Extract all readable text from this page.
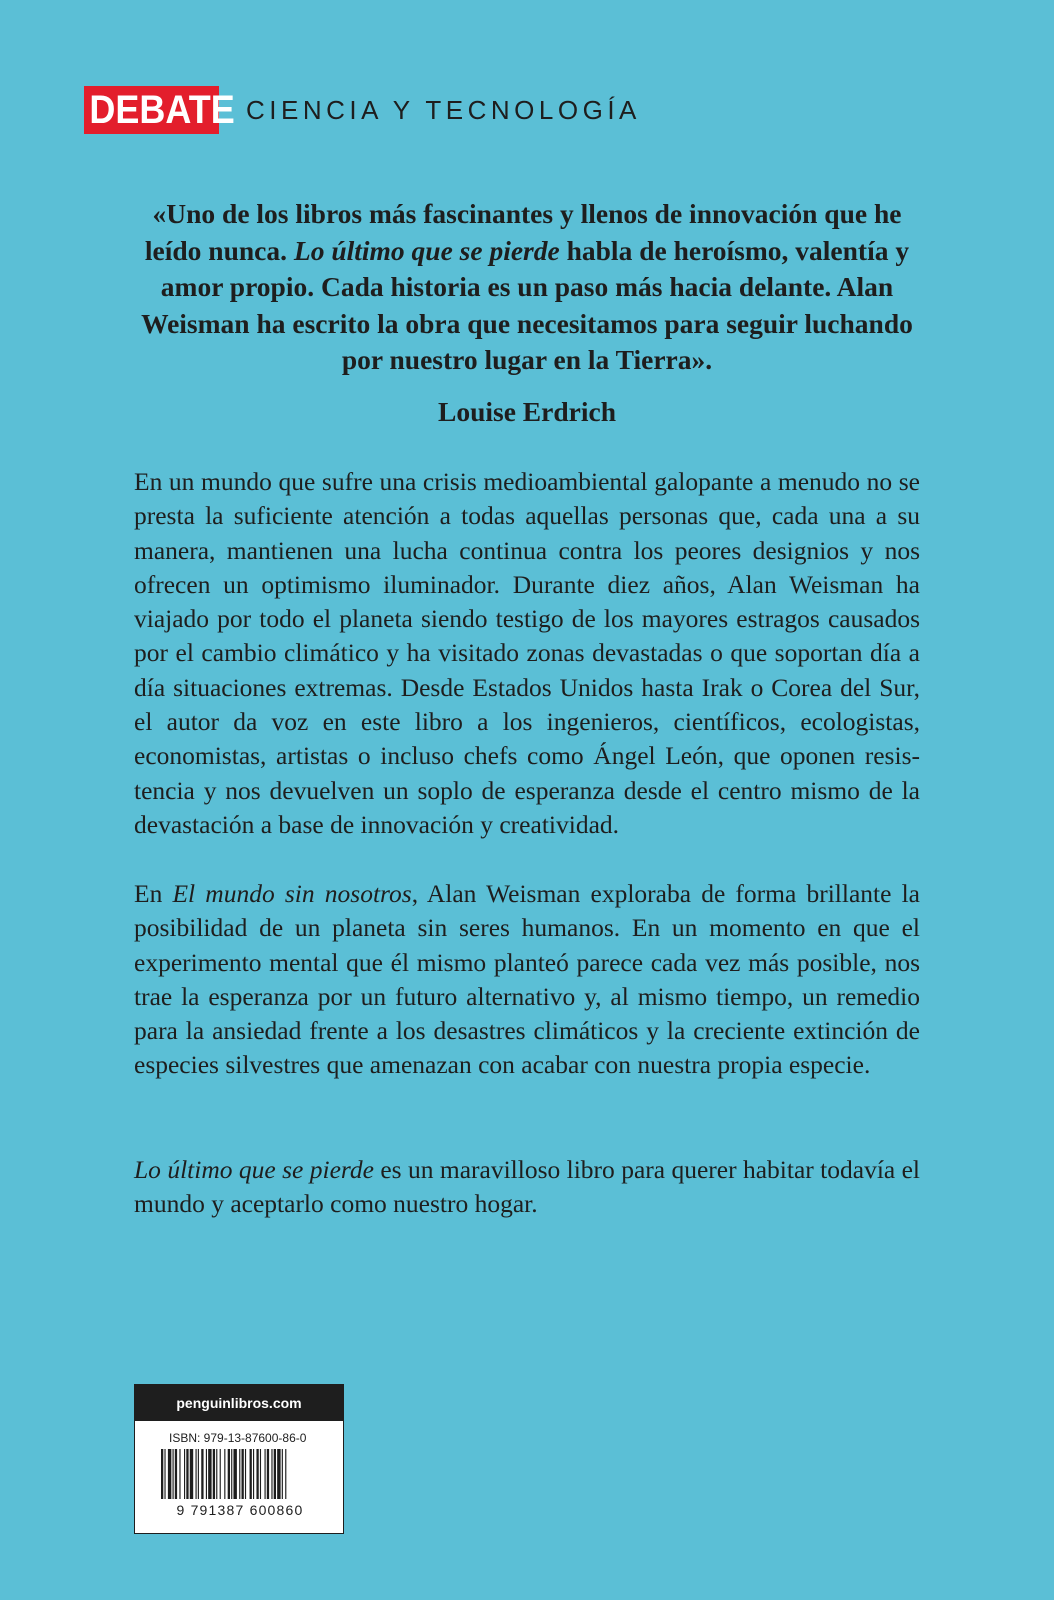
DEBATE CIENCIA Y TECNOLOGÍA
«Uno de los libros más fascinantes y llenos de innovación que he leído nunca. Lo último que se pierde habla de heroísmo, valentía y amor propio. Cada historia es un paso más hacia delante. Alan Weisman ha escrito la obra que necesitamos para seguir luchando por nuestro lugar en la Tierra».
Louise Erdrich
En un mundo que sufre una crisis medioambiental galopante a menudo no se presta la suficiente atención a todas aquellas personas que, cada una a su manera, mantienen una lucha continua contra los peores designios y nos ofrecen un optimismo iluminador. Durante diez años, Alan Weisman ha viajado por todo el planeta siendo testigo de los mayores estragos causados por el cambio climático y ha visitado zonas devastadas o que soportan día a día situaciones extremas. Desde Estados Unidos hasta Irak o Corea del Sur, el autor da voz en este libro a los ingenieros, científicos, ecologistas, economistas, artistas o incluso chefs como Ángel León, que oponen resistencia y nos devuelven un soplo de esperanza desde el centro mismo de la devastación a base de innovación y creatividad.
En El mundo sin nosotros, Alan Weisman exploraba de forma brillante la posibilidad de un planeta sin seres humanos. En un momento en que el experimento mental que él mismo planteó parece cada vez más posible, nos trae la esperanza por un futuro alternativo y, al mismo tiempo, un remedio para la ansiedad frente a los desastres climáticos y la creciente extinción de especies silvestres que amenazan con acabar con nuestra propia especie.
Lo último que se pierde es un maravilloso libro para querer habitar todavía el mundo y aceptarlo como nuestro hogar.
penguinlibros.com
ISBN: 979-13-87600-86-0
9 791387 600860
